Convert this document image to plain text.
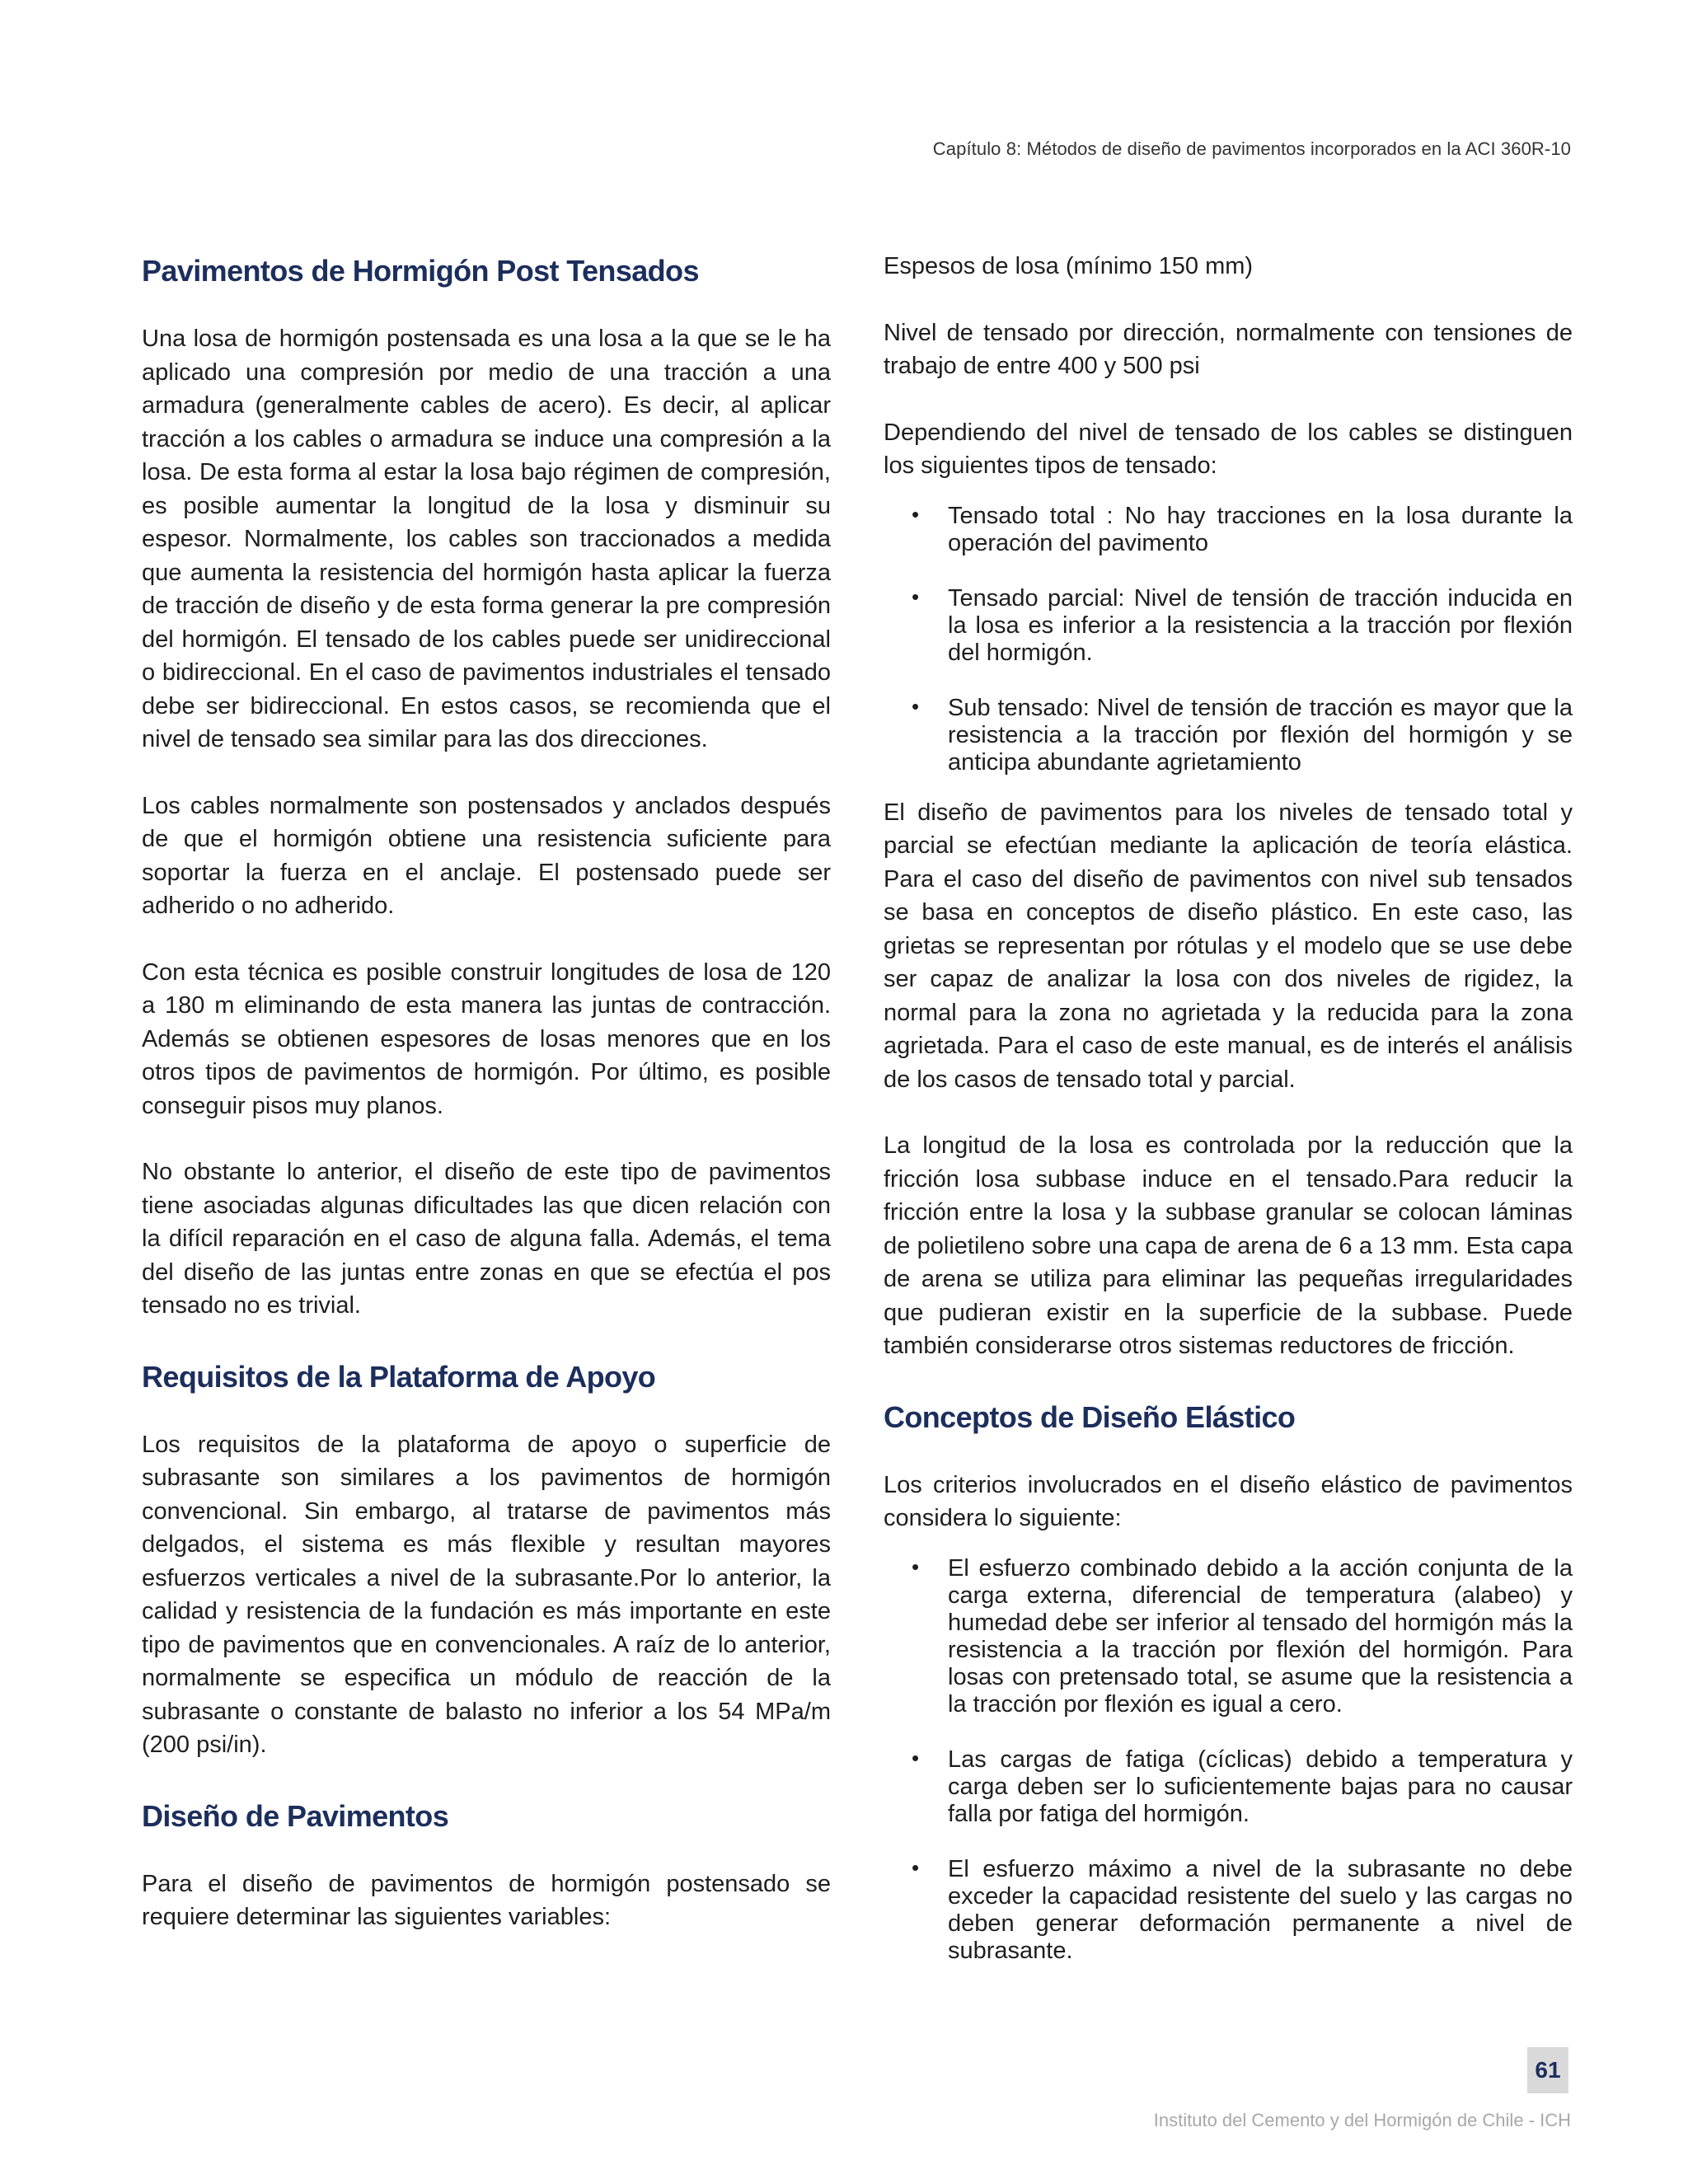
Capítulo 8: Métodos de diseño de pavimentos incorporados en la ACI 360R-10
Pavimentos de Hormigón Post Tensados

Una losa de hormigón postensada es una losa a la que se le ha aplicado una compresión por medio de una tracción a una armadura (generalmente cables de acero). Es decir, al aplicar tracción a los cables o armadura se induce una compresión a la losa. De esta forma al estar la losa bajo régimen de compresión, es posible aumentar la longitud de la losa y disminuir su espesor. Normalmente, los cables son traccionados a medida que aumenta la resistencia del hormigón hasta aplicar la fuerza de tracción de diseño y de esta forma generar la pre compresión del hormigón. El tensado de los cables puede ser unidireccional o bidireccional. En el caso de pavimentos industriales el tensado debe ser bidireccional. En estos casos, se recomienda que el nivel de tensado sea similar para las dos direcciones.

Los cables normalmente son postensados y anclados después de que el hormigón obtiene una resistencia suficiente para soportar la fuerza en el anclaje. El postensado puede ser adherido o no adherido.

Con esta técnica es posible construir longitudes de losa de 120 a 180 m eliminando de esta manera las juntas de contracción. Además se obtienen espesores de losas menores que en los otros tipos de pavimentos de hormigón. Por último, es posible conseguir pisos muy planos.

No obstante lo anterior, el diseño de este tipo de pavimentos tiene asociadas algunas dificultades las que dicen relación con la difícil reparación en el caso de alguna falla. Además, el tema del diseño de las juntas entre zonas en que se efectúa el pos tensado no es trivial.

Requisitos de la Plataforma de Apoyo

Los requisitos de la plataforma de apoyo o superficie de subrasante son similares a los pavimentos de hormigón convencional. Sin embargo, al tratarse de pavimentos más delgados, el sistema es más flexible y resultan mayores esfuerzos verticales a nivel de la subrasante.Por lo anterior, la calidad y resistencia de la fundación es más importante en este tipo de pavimentos que en convencionales. A raíz de lo anterior, normalmente se especifica un módulo de reacción de la subrasante o constante de balasto no inferior a los 54 MPa/m (200 psi/in).

Diseño de Pavimentos

Para el diseño de pavimentos de hormigón postensado se requiere determinar las siguientes variables:

Espesos de losa (mínimo 150 mm)

Nivel de tensado por dirección, normalmente con tensiones de trabajo de entre 400 y 500 psi

Dependiendo del nivel de tensado de los cables se distinguen los siguientes tipos de tensado:

• Tensado total : No hay tracciones en la losa durante la operación del pavimento
• Tensado parcial: Nivel de tensión de tracción inducida en la losa es inferior a la resistencia a la tracción por flexión del hormigón.
• Sub tensado: Nivel de tensión de tracción es mayor que la resistencia a la tracción por flexión del hormigón y se anticipa abundante agrietamiento

El diseño de pavimentos para los niveles de tensado total y parcial se efectúan mediante la aplicación de teoría elástica. Para el caso del diseño de pavimentos con nivel sub tensados se basa en conceptos de diseño plástico. En este caso, las grietas se representan por rótulas y el modelo que se use debe ser capaz de analizar la losa con dos niveles de rigidez, la normal para la zona no agrietada y la reducida para la zona agrietada. Para el caso de este manual, es de interés el análisis de los casos de tensado total y parcial.

La longitud de la losa es controlada por la reducción que la fricción losa subbase induce en el tensado.Para reducir la fricción entre la losa y la subbase granular se colocan láminas de polietileno sobre una capa de arena de 6 a 13 mm. Esta capa de arena se utiliza para eliminar las pequeñas irregularidades que pudieran existir en la superficie de la subbase. Puede también considerarse otros sistemas reductores de fricción.

Conceptos de Diseño Elástico

Los criterios involucrados en el diseño elástico de pavimentos considera lo siguiente:

• El esfuerzo combinado debido a la acción conjunta de la carga externa, diferencial de temperatura (alabeo) y humedad debe ser inferior al tensado del hormigón más la resistencia a la tracción por flexión del hormigón. Para losas con pretensado total, se asume que la resistencia a la tracción por flexión es igual a cero.
• Las cargas de fatiga (cíclicas) debido a temperatura y carga deben ser lo suficientemente bajas para no causar falla por fatiga del hormigón.
• El esfuerzo máximo a nivel de la subrasante no debe exceder la capacidad resistente del suelo y las cargas no deben generar deformación permanente a nivel de subrasante.
61
Instituto del Cemento y del Hormigón de Chile - ICH
